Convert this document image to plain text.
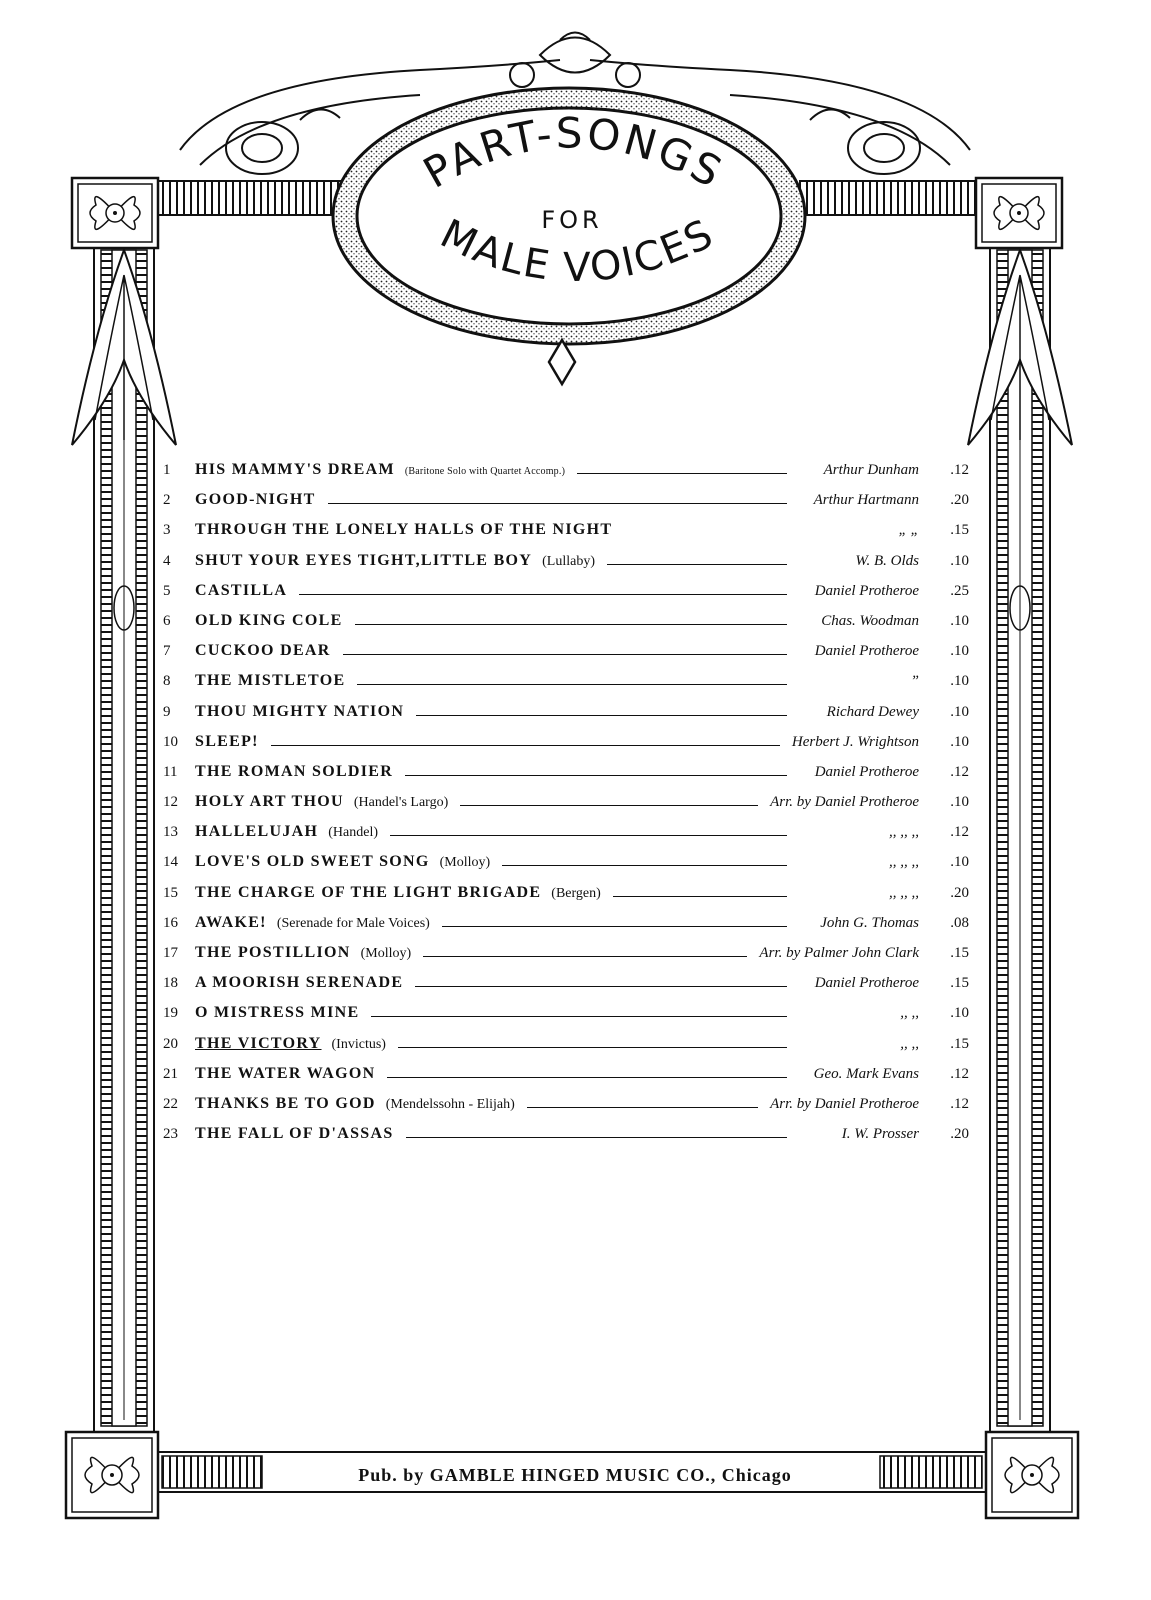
PART-SONGS
FOR
MALE VOICES
1	HIS MAMMY'S DREAM (Baritone Solo with Quartet Accomp.)	Arthur Dunham	.12
2	GOOD-NIGHT	Arthur Hartmann	.20
3	THROUGH THE LONELY HALLS OF THE NIGHT	„ „	.15
4	SHUT YOUR EYES TIGHT,LITTLE BOY (Lullaby)	W. B. Olds	.10
5	CASTILLA	Daniel Protheroe	.25
6	OLD KING COLE	Chas. Woodman	.10
7	CUCKOO DEAR	Daniel Protheroe	.10
8	THE MISTLETOE	”	.10
9	THOU MIGHTY NATION	Richard Dewey	.10
10	SLEEP!	Herbert J. Wrightson	.10
11	THE ROMAN SOLDIER	Daniel Protheroe	.12
12	HOLY ART THOU (Handel's Largo)	Arr. by Daniel Protheroe	.10
13	HALLELUJAH (Handel)	,, ,, ,,	.12
14	LOVE'S OLD SWEET SONG (Molloy)	,, ,, ,,	.10
15	THE CHARGE OF THE LIGHT BRIGADE (Bergen)	,, ,, ,,	.20
16	AWAKE! (Serenade for Male Voices)	John G. Thomas	.08
17	THE POSTILLION (Molloy)	Arr. by Palmer John Clark	.15
18	A MOORISH SERENADE	Daniel Protheroe	.15
19	O MISTRESS MINE	,, ,,	.10
20	THE VICTORY (Invictus)	,, ,,	.15
21	THE WATER WAGON	Geo. Mark Evans	.12
22	THANKS BE TO GOD (Mendelssohn - Elijah)	Arr. by Daniel Protheroe	.12
23	THE FALL OF D'ASSAS	I. W. Prosser	.20
Pub. by GAMBLE HINGED MUSIC CO., Chicago
